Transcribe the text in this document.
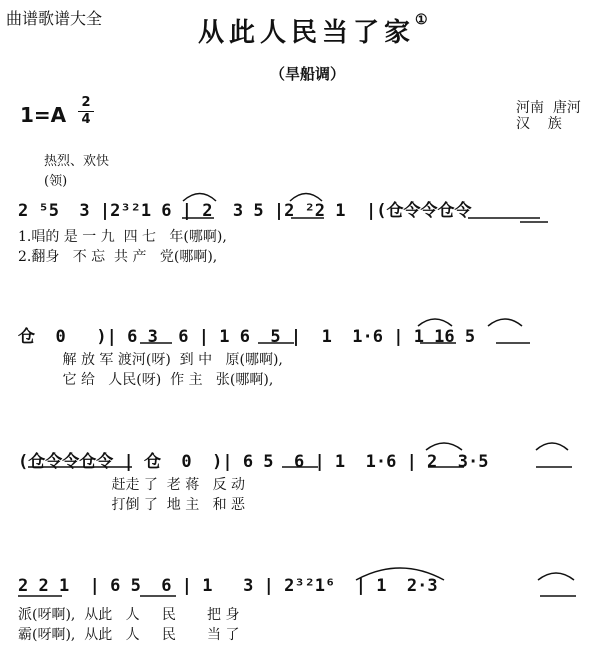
曲谱歌谱大全	从此人民当了家①
（旱船调）
1=A
2
4
河南  唐河
汉    族
热烈、欢快
(领)
2 ⁵5  3 |2³²1 6 | 2  3 5 |2 ²2 1  |(仓令令仓令
1.唱的 是 一 九  四 七   年(哪啊),
2.翻身   不 忘  共 产   党(哪啊),
仓  0   )| 6 3  6 | 1 6  5 |  1  1·6 | 1 16 5
解 放 军 渡河(呀)  到 中   原(哪啊),
它 给   人民(呀)  作 主   张(哪啊),
(仓令令仓令 | 仓  0  )| 6 5  6 | 1  1·6 | 2  3·5
赶走 了  老 蒋   反 动
打倒 了  地 主   和 恶
2 2 1  | 6 5  6 | 1   3 | 2³²1⁶  | 1  2·3
派(呀啊),  从此   人     民       把 身
霸(呀啊),  从此   人     民       当 了
